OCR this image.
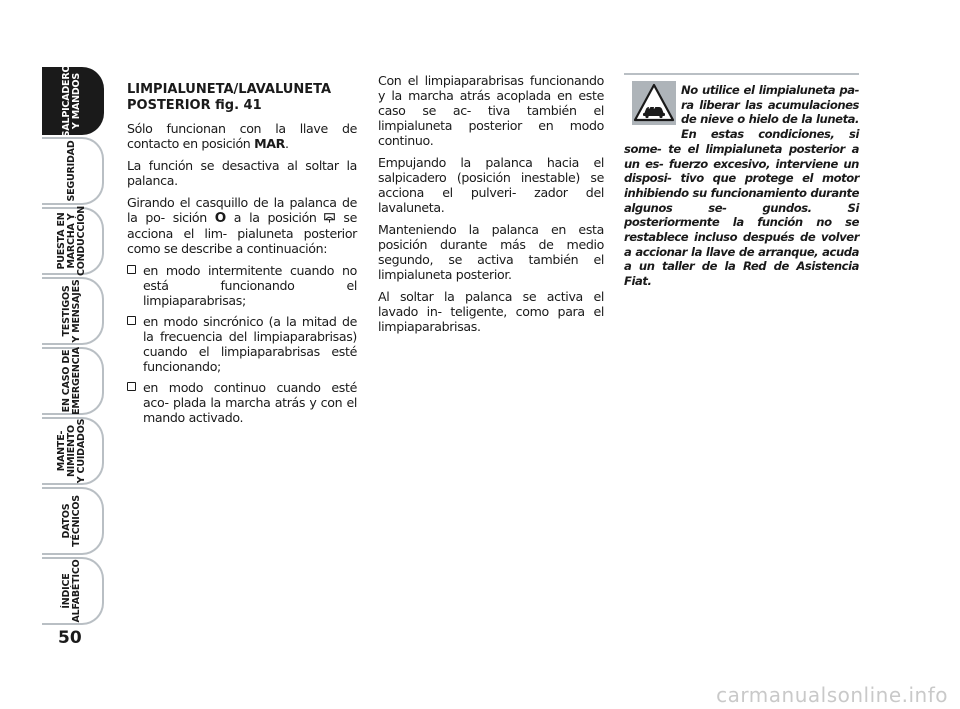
SALPICADERO
Y MANDOS
SEGURIDAD
PUESTA EN
MARCHA Y
CONDUCCIÓN
TESTIGOS
Y MENSAJES
EN CASO DE
EMERGENCIA
MANTE-
NIMIENTO
Y CUIDADOS
DATOS
TÉCNICOS
ÍNDICE
ALFABÉTICO
50

LIMPIALUNETA/LAVALUNETA POSTERIOR fig. 41

Sólo funcionan con la llave de contacto en posición MAR.

La función se desactiva al soltar la palanca.

Girando el casquillo de la palanca de la po- sición O a la posición  se acciona el lim- pialuneta posterior como se describe a continuación:

en modo intermitente cuando no está funcionando el limpiaparabrisas;
en modo sincrónico (a la mitad de la frecuencia del limpiaparabrisas) cuando el limpiaparabrisas esté funcionando;
en modo continuo cuando esté aco- plada la marcha atrás y con el mando activado.

Con el limpiaparabrisas funcionando y la marcha atrás acoplada en este caso se ac- tiva también el limpialuneta posterior en modo continuo.

Empujando la palanca hacia el salpicadero (posición inestable) se acciona el pulveri- zador del lavaluneta.

Manteniendo la palanca en esta posición durante más de medio segundo, se activa también el limpialuneta posterior.

Al soltar la palanca se activa el lavado in- teligente, como para el limpiaparabrisas.

No utilice el limpialuneta pa- ra liberar las acumulaciones de nieve o hielo de la luneta. En estas condiciones, si some- te el limpialuneta posterior a un es- fuerzo excesivo, interviene un disposi- tivo que protege el motor inhibiendo su funcionamiento durante algunos se- gundos. Si posteriormente la función no se restablece incluso después de volver a accionar la llave de arranque, acuda a un taller de la Red de Asistencia Fiat.
carmanualsonline.info
